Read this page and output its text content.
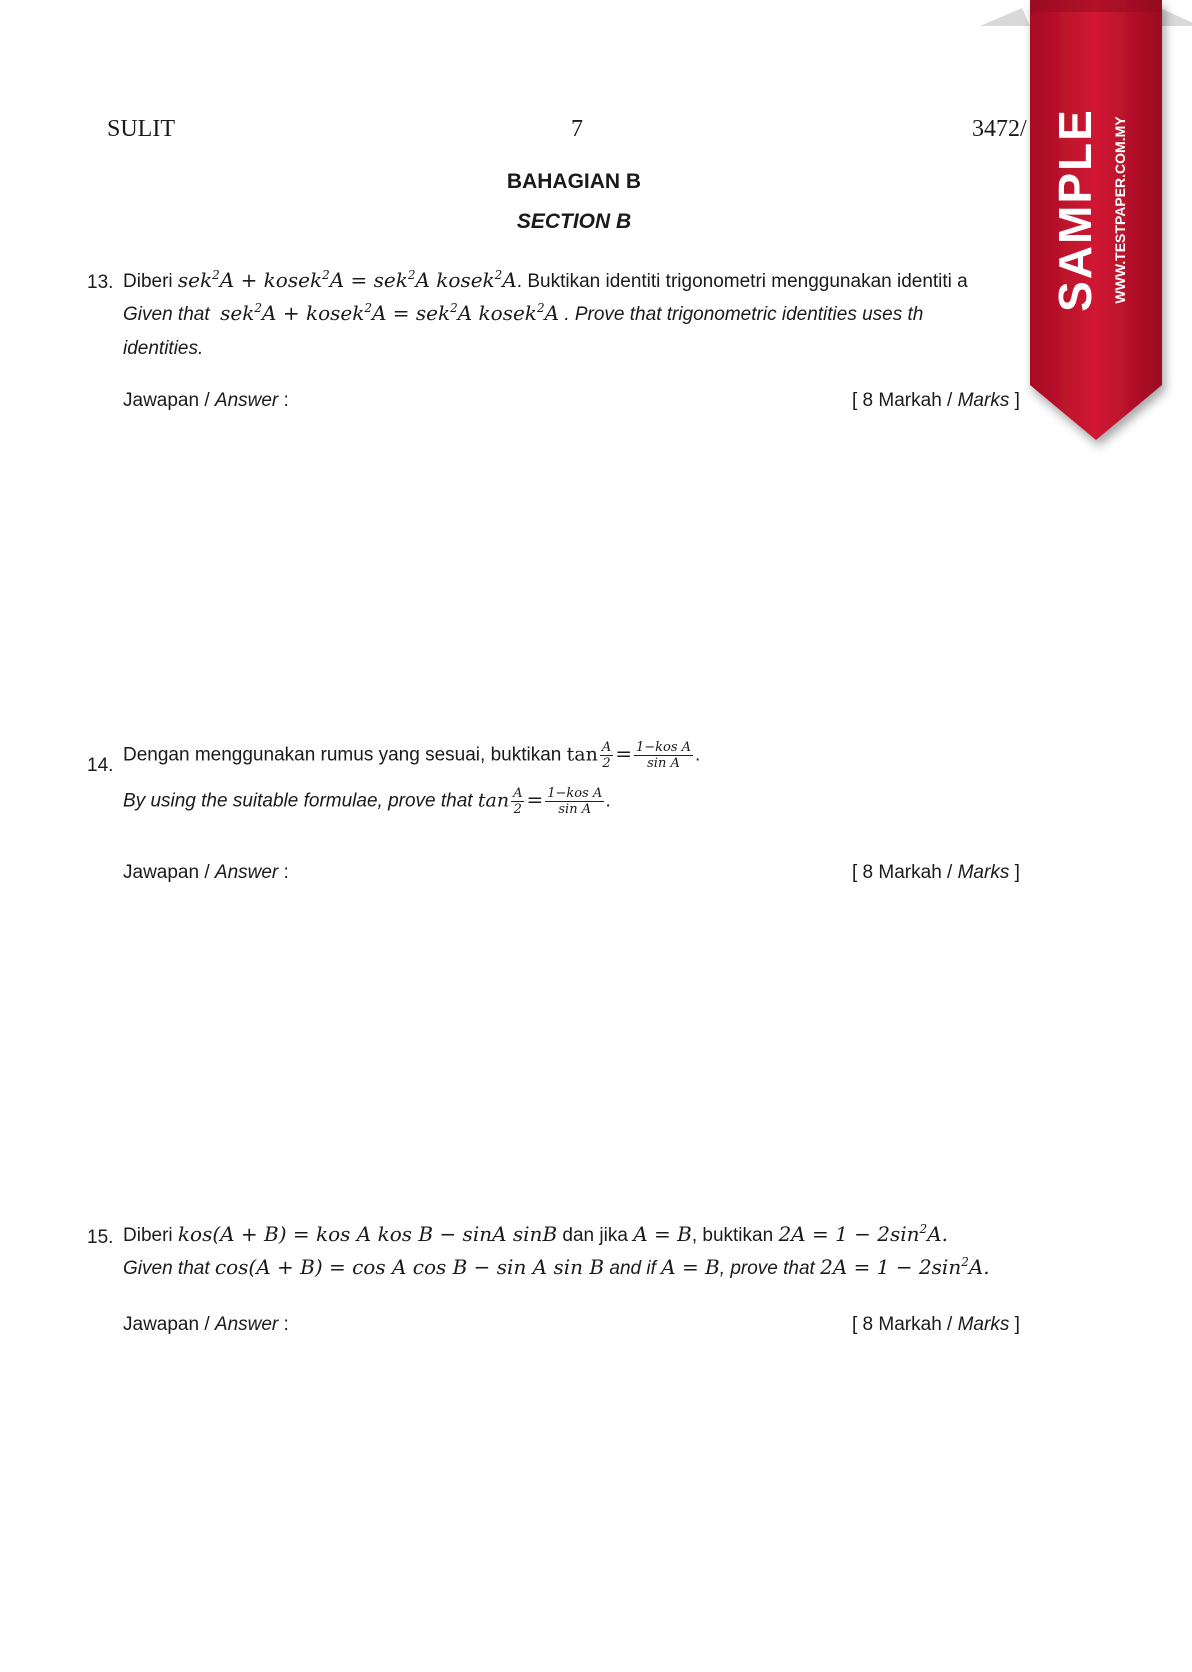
SULIT	7	3472/
BAHAGIAN B
SECTION B
13. Diberi sek$^2$A + kosek$^2$A = sek$^2$A kosek$^2$A. Buktikan identiti trigonometri menggunakan identiti a
Given that sek$^2$A + kosek$^2$A = sek$^2$A kosek$^2$A . Prove that trigonometric identities uses th
identities.
Jawapan / Answer :	[ 8 Markah / Marks ]
14. Dengan menggunakan rumus yang sesuai, buktikan $\tan \frac{A}{2} = \frac{\text{1−kos A}}{\text{sin A}}$ .
By using the suitable formulae, prove that $\tan \frac{A}{2} = \frac{\text{1−kos A}}{\text{sin A}}$ .
Jawapan / Answer :	[ 8 Markah / Marks ]
15. Diberi kos(A + B) = kos A kos B − sinA sinB dan jika A = B, buktikan $2A = 1 - 2\sin^2A$.
Given that cos(A + B) = cos A cos B − sin A sin B and if A = B, prove that $2A = 1 - 2\sin^2A$.
Jawapan / Answer :	[ 8 Markah / Marks ]
SAMPLE WWW.TESTPAPER.COM.MY
